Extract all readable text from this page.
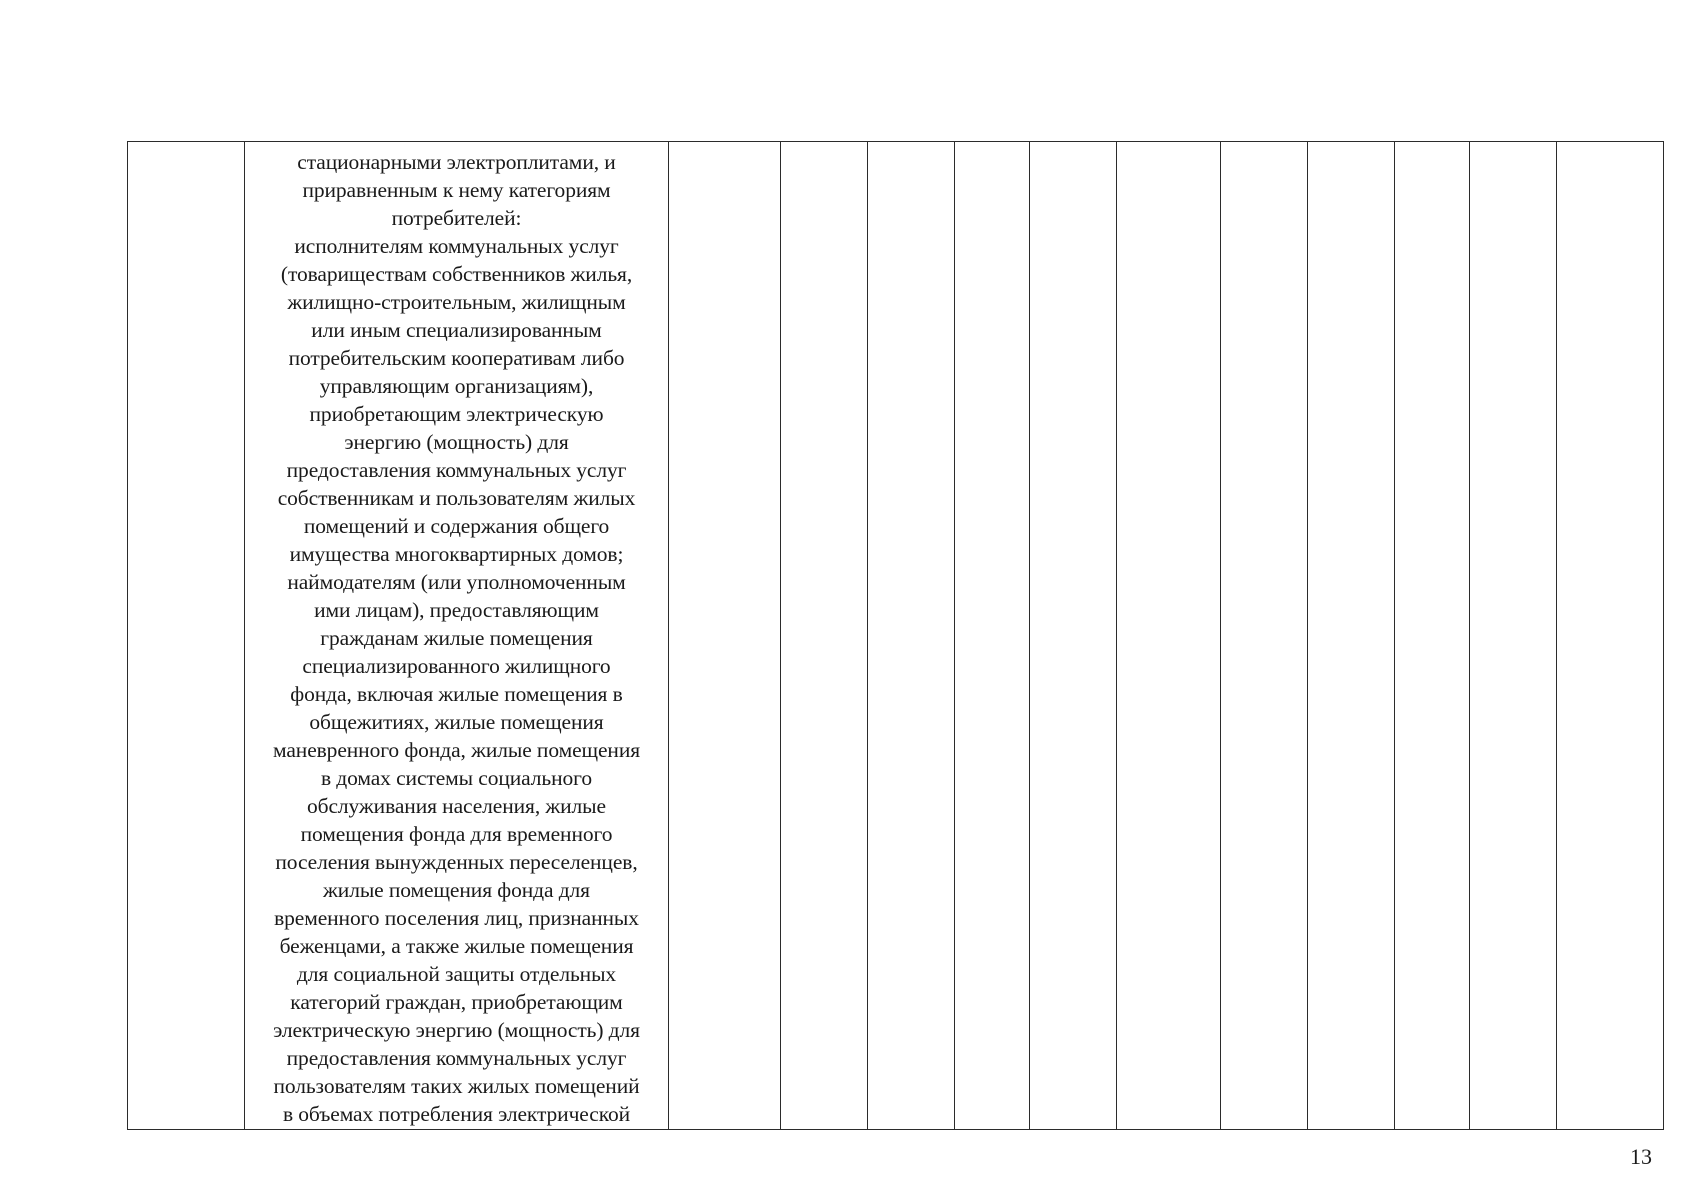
стационарными электроплитами, и
приравненным к нему категориям
потребителей:
исполнителям коммунальных услуг
(товариществам собственников жилья,
жилищно-строительным, жилищным
или иным специализированным
потребительским кооперативам либо
управляющим организациям),
приобретающим электрическую
энергию (мощность) для
предоставления коммунальных услуг
собственникам и пользователям жилых
помещений и содержания общего
имущества многоквартирных домов;
наймодателям (или уполномоченным
ими лицам), предоставляющим
гражданам жилые помещения
специализированного жилищного
фонда, включая жилые помещения в
общежитиях, жилые помещения
маневренного фонда, жилые помещения
в домах системы социального
обслуживания населения, жилые
помещения фонда для временного
поселения вынужденных переселенцев,
жилые помещения фонда для
временного поселения лиц, признанных
беженцами, а также жилые помещения
для социальной защиты отдельных
категорий граждан, приобретающим
электрическую энергию (мощность) для
предоставления коммунальных услуг
пользователям таких жилых помещений
в объемах потребления электрической

13
